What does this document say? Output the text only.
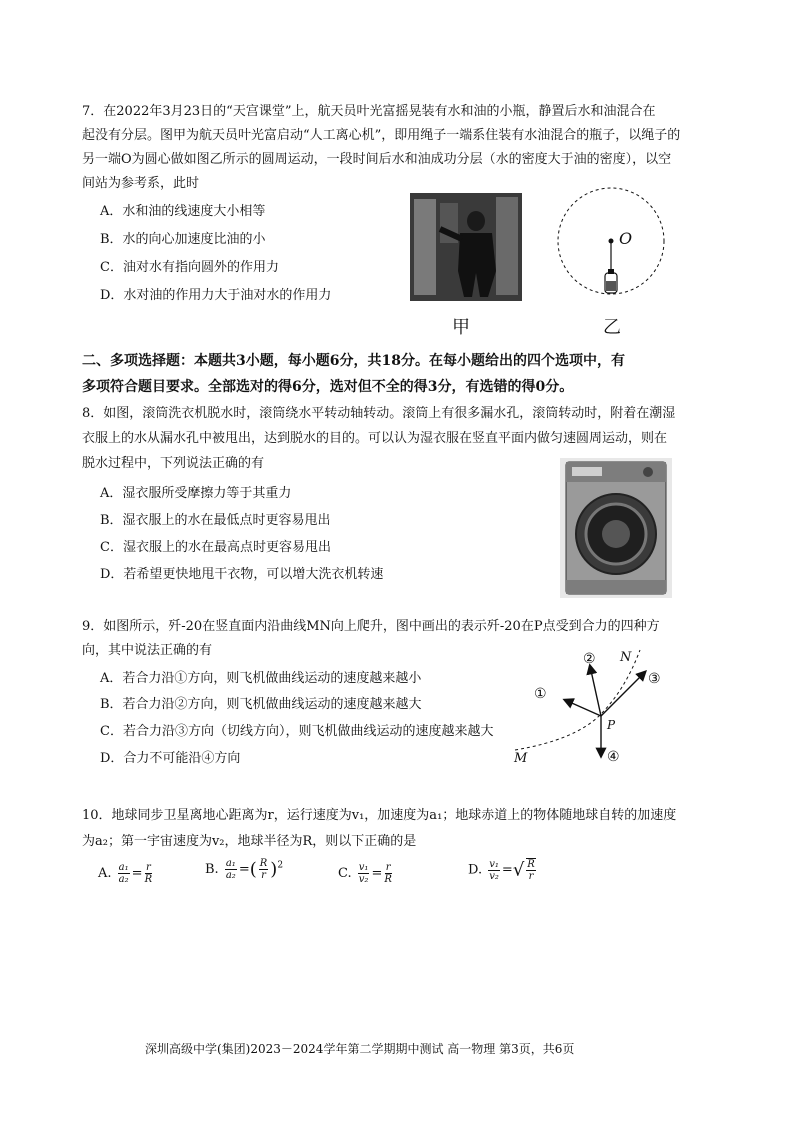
7．在2022年3月23日的“天宫课堂”上，航天员叶光富摇晃装有水和油的小瓶，静置后水和油混合在
起没有分层。图甲为航天员叶光富启动“人工离心机”，即用绳子一端系住装有水油混合的瓶子，以绳子的
另一端O为圆心做如图乙所示的圆周运动，一段时间后水和油成功分层（水的密度大于油的密度），以空
间站为参考系，此时
A．水和油的线速度大小相等
B．水的向心加速度比油的小
C．油对水有指向圆外的作用力
D．水对油的作用力大于油对水的作用力
甲
O
乙
二、多项选择题：本题共3小题，每小题6分，共18分。在每小题给出的四个选项中，有
多项符合题目要求。全部选对的得6分，选对但不全的得3分，有选错的得0分。
8．如图，滚筒洗衣机脱水时，滚筒绕水平转动轴转动。滚筒上有很多漏水孔，滚筒转动时，附着在潮湿
衣服上的水从漏水孔中被甩出，达到脱水的目的。可以认为湿衣服在竖直平面内做匀速圆周运动，则在
脱水过程中，下列说法正确的有
A．湿衣服所受摩擦力等于其重力
B．湿衣服上的水在最低点时更容易甩出
C．湿衣服上的水在最高点时更容易甩出
D．若希望更快地甩干衣物，可以增大洗衣机转速
9．如图所示，歼-20在竖直面内沿曲线MN向上爬升，图中画出的表示歼-20在P点受到合力的四种方
向，其中说法正确的有
A．若合力沿①方向，则飞机做曲线运动的速度越来越小
B．若合力沿②方向，则飞机做曲线运动的速度越来越大
C．若合力沿③方向（切线方向），则飞机做曲线运动的速度越来越大
D．合力不可能沿④方向
①
②
③
④
N
M
P
10．地球同步卫星离地心距离为r，运行速度为v₁，加速度为a₁；地球赤道上的物体随地球自转的加速度
为a₂；第一宇宙速度为v₂，地球半径为R，则以下正确的是
A. $\frac{\text{a₁}}{\text{a₂}} = \frac{r}{R}$	B. $\frac{\text{a₁}}{\text{a₂}}$ =( $\frac{R}{r} )^2$
C. $\frac{\text{v₁}}{\text{v₂}} = \frac{r}{R}$	D. $\frac{\text{v₁}}{\text{v₂}}$ =√ $\frac{R}{r}$
深圳高级中学(集团)2023－2024学年第二学期期中测试 高一物理 第3页，共6页
